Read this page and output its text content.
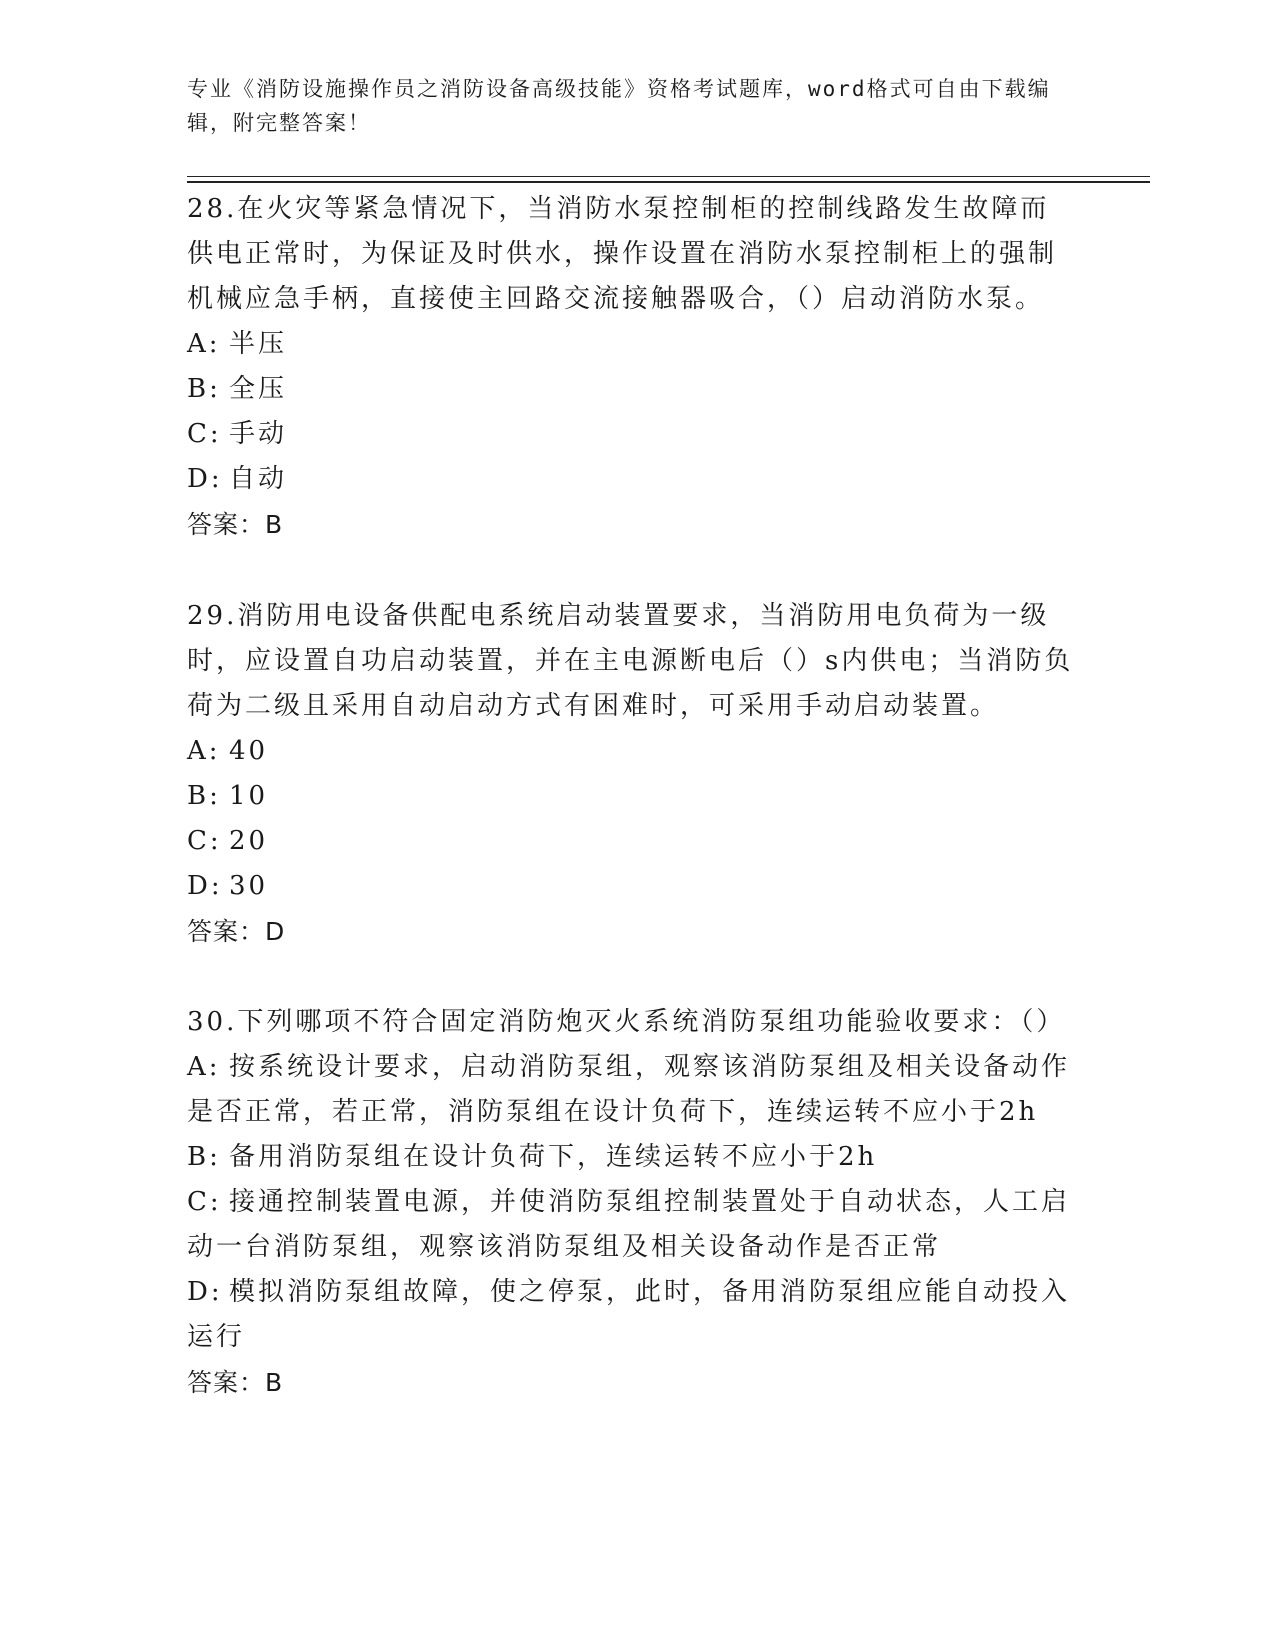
专业《消防设施操作员之消防设备高级技能》资格考试题库，word格式可自由下载编辑，附完整答案！

28.在火灾等紧急情况下，当消防水泵控制柜的控制线路发生故障而供电正常时，为保证及时供水，操作设置在消防水泵控制柜上的强制机械应急手柄，直接使主回路交流接触器吸合，（）启动消防水泵。

A: 半压

B: 全压

C: 手动

D: 自动

答案：B

29.消防用电设备供配电系统启动装置要求，当消防用电负荷为一级时，应设置自功启动装置，并在主电源断电后（）s内供电；当消防负荷为二级且采用自动启动方式有困难时，可采用手动启动装置。

A: 40

B: 10

C: 20

D: 30

答案：D

30.下列哪项不符合固定消防炮灭火系统消防泵组功能验收要求：（）

A: 按系统设计要求，启动消防泵组，观察该消防泵组及相关设备动作是否正常，若正常，消防泵组在设计负荷下，连续运转不应小于2h

B: 备用消防泵组在设计负荷下，连续运转不应小于2h

C: 接通控制装置电源，并使消防泵组控制装置处于自动状态，人工启动一台消防泵组，观察该消防泵组及相关设备动作是否正常

D: 模拟消防泵组故障，使之停泵，此时，备用消防泵组应能自动投入运行

答案：B
